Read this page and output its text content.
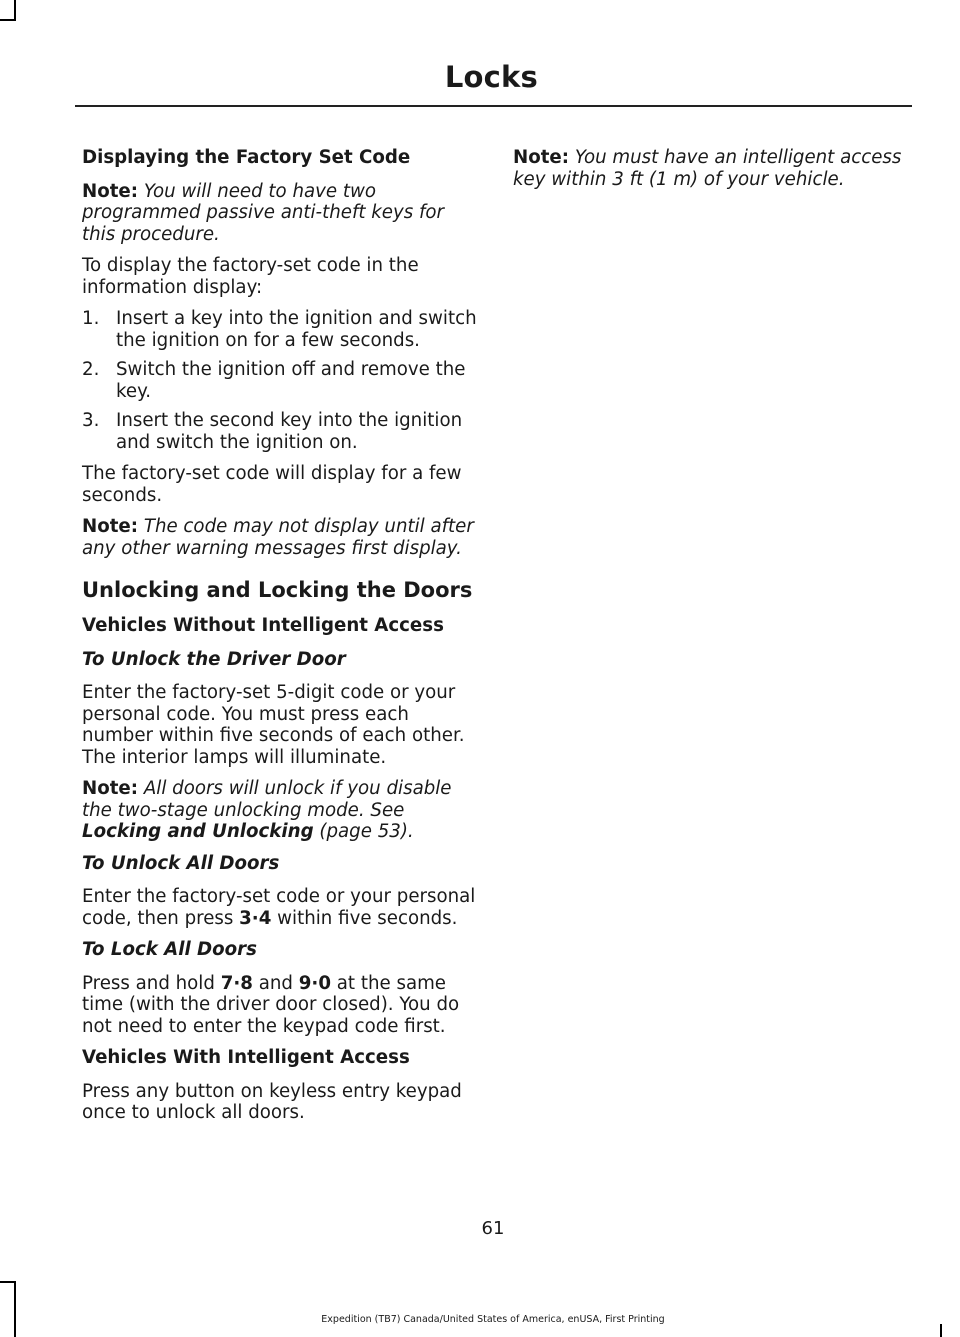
Locks

Displaying the Factory Set Code

Note: You will need to have two programmed passive anti-theft keys for this procedure.

To display the factory-set code in the information display:

1. Insert a key into the ignition and switch the ignition on for a few seconds.
2. Switch the ignition off and remove the key.
3. Insert the second key into the ignition and switch the ignition on.

The factory-set code will display for a few seconds.

Note: The code may not display until after any other warning messages first display.

Unlocking and Locking the Doors

Vehicles Without Intelligent Access

To Unlock the Driver Door

Enter the factory-set 5-digit code or your personal code. You must press each number within five seconds of each other. The interior lamps will illuminate.

Note: All doors will unlock if you disable the two-stage unlocking mode. See Locking and Unlocking (page 53).

To Unlock All Doors

Enter the factory-set code or your personal code, then press 3·4 within five seconds.

To Lock All Doors

Press and hold 7·8 and 9·0 at the same time (with the driver door closed). You do not need to enter the keypad code first.

Vehicles With Intelligent Access

Press any button on keyless entry keypad once to unlock all doors.

Note: You must have an intelligent access key within 3 ft (1 m) of your vehicle.

61
Expedition (TB7) Canada/United States of America, enUSA, First Printing
